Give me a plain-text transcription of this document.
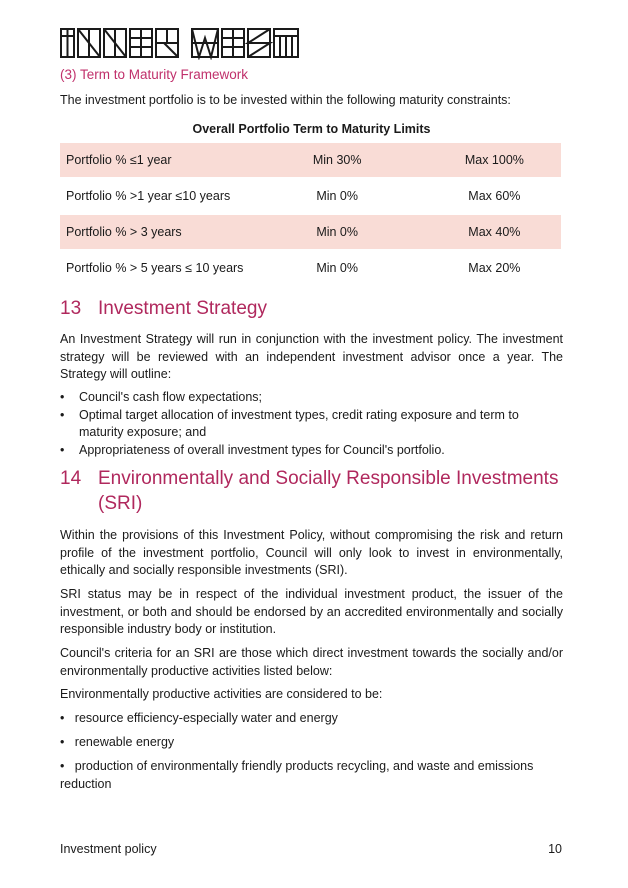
(3) Term to Maturity Framework
The investment portfolio is to be invested within the following maturity constraints:
Overall Portfolio Term to Maturity Limits
Portfolio % ≤1 year	Min 30%	Max 100%
Portfolio % >1 year ≤10 years	Min 0%	Max 60%
Portfolio % > 3 years	Min 0%	Max 40%
Portfolio % > 5 years ≤ 10 years	Min 0%	Max 20%
13 Investment Strategy
An Investment Strategy will run in conjunction with the investment policy. The investment strategy will be reviewed with an independent investment advisor once a year. The Strategy will outline:
• Council's cash flow expectations;
• Optimal target allocation of investment types, credit rating exposure and term to maturity exposure; and
• Appropriateness of overall investment types for Council's portfolio.
14 Environmentally and Socially Responsible Investments
(SRI)
Within the provisions of this Investment Policy, without compromising the risk and return profile of the investment portfolio, Council will only look to invest in environmentally, ethically and socially responsible investments (SRI).
SRI status may be in respect of the individual investment product, the issuer of the investment, or both and should be endorsed by an accredited environmentally and socially responsible industry body or institution.
Council's criteria for an SRI are those which direct investment towards the socially and/or environmentally productive activities listed below:
Environmentally productive activities are considered to be:
•   resource efficiency-especially water and energy
•   renewable energy
•   production of environmentally friendly products recycling, and waste and emissions reduction
Investment policy	10
